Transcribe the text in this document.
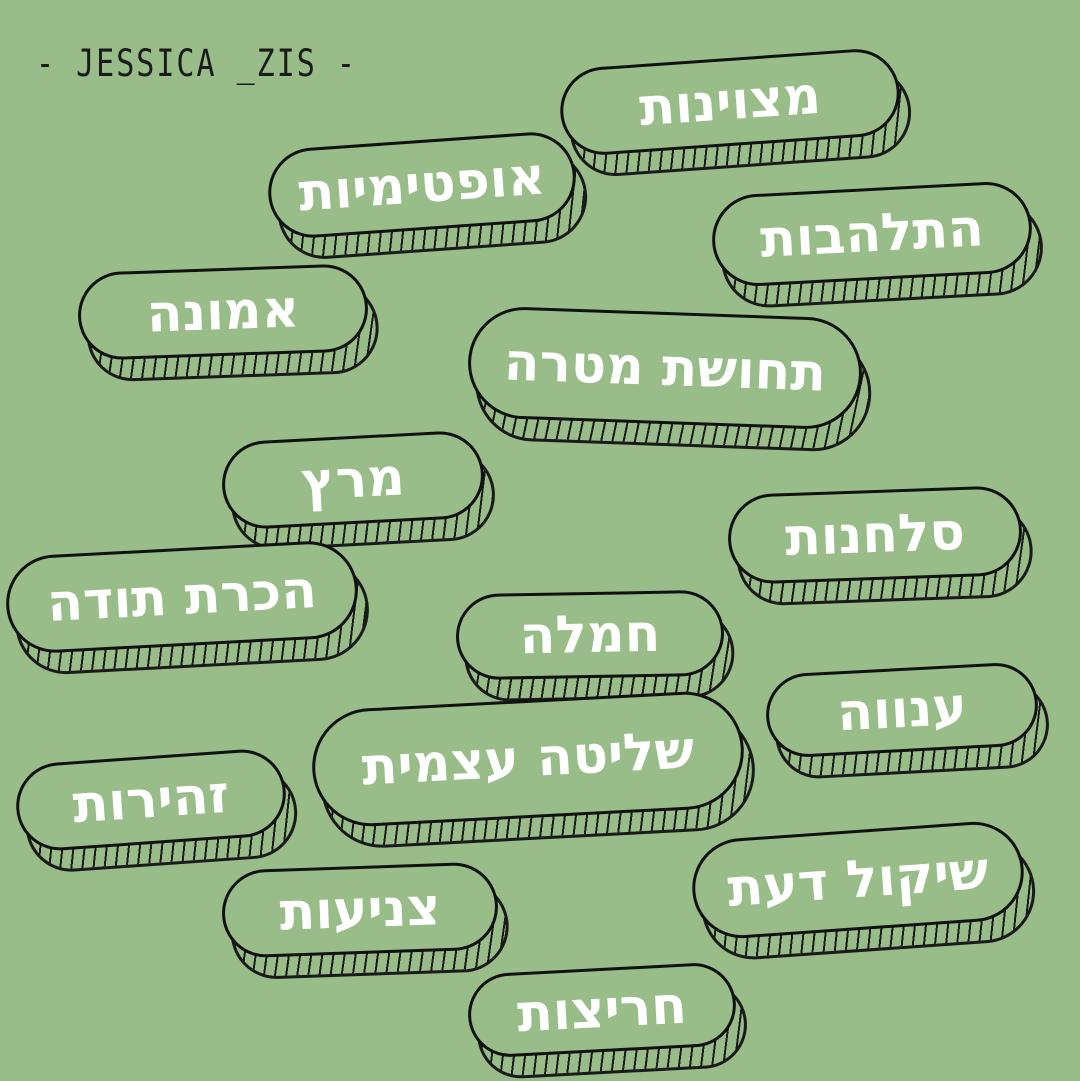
- JESSICA _ZIS -
מצוינות
אופטימיות
התלהבות
אמונה
תחושת מטרה
מרץ
סלחנות
הכרת תודה
חמלה
ענווה
שליטה עצמית
זהירות
שיקול דעת
צניעות
חריצות
